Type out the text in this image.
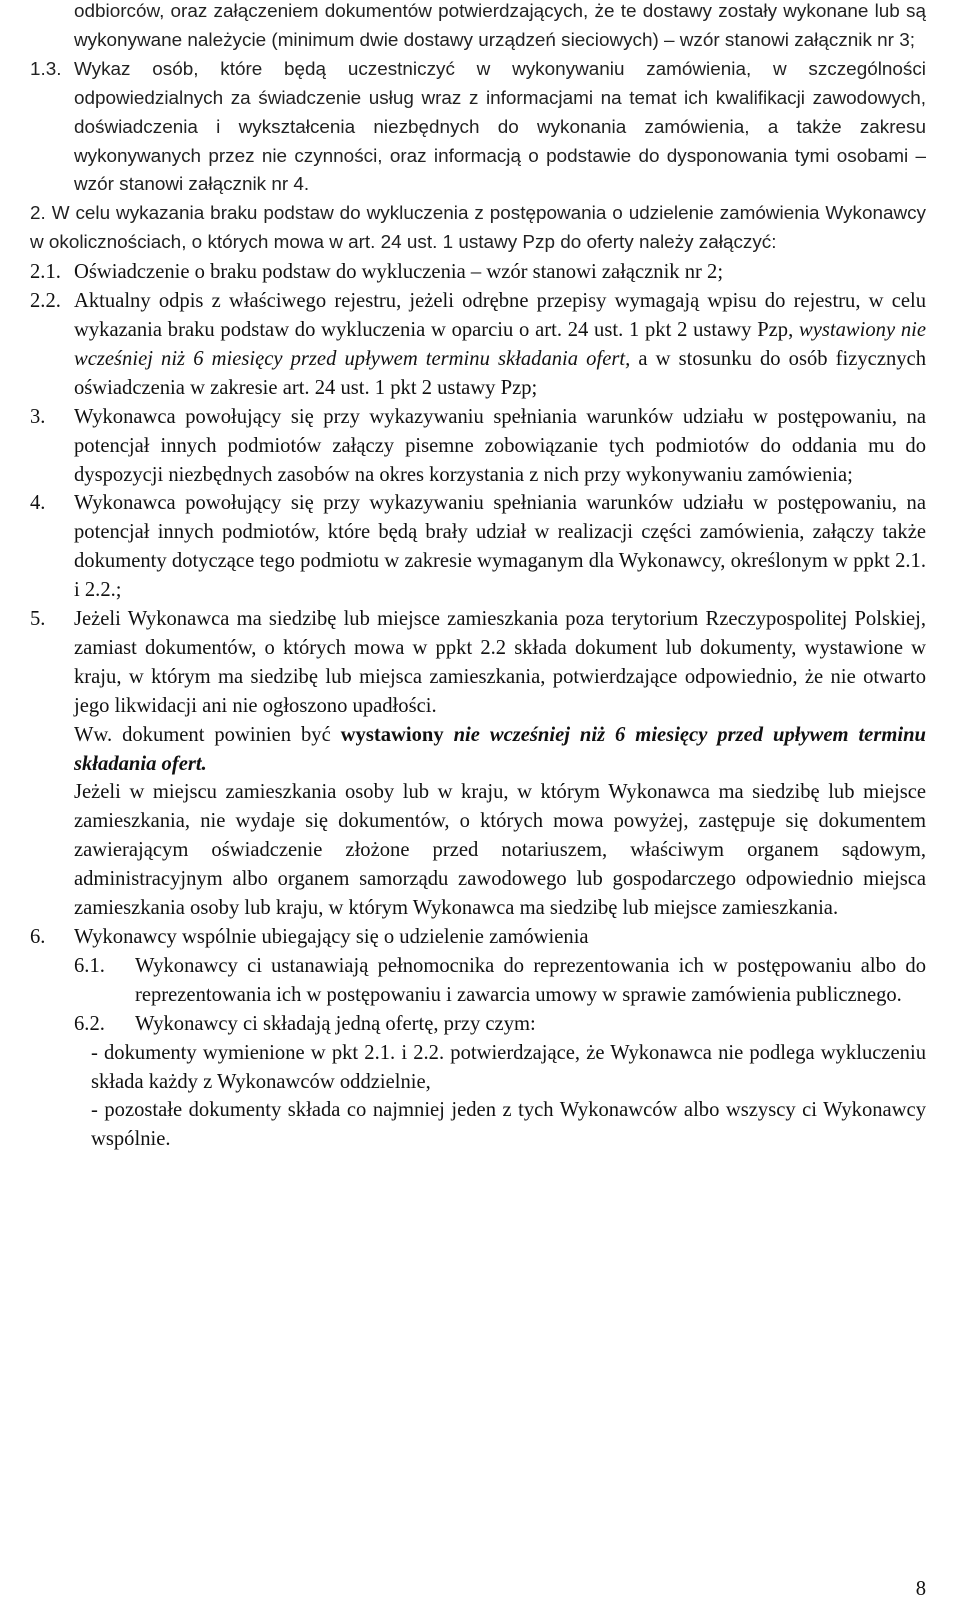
odbiorców, oraz załączeniem dokumentów potwierdzających, że te dostawy zostały wykonane lub są wykonywane należycie (minimum dwie dostawy urządzeń sieciowych) – wzór stanowi załącznik nr 3;
1.3. Wykaz osób, które będą uczestniczyć w wykonywaniu zamówienia, w szczególności odpowiedzialnych za świadczenie usług wraz z informacjami na temat ich kwalifikacji zawodowych, doświadczenia i wykształcenia niezbędnych do wykonania zamówienia, a także zakresu wykonywanych przez nie czynności, oraz informacją o podstawie do dysponowania tymi osobami – wzór stanowi załącznik nr 4.
2. W celu wykazania braku podstaw do wykluczenia z postępowania o udzielenie zamówienia Wykonawcy w okolicznościach, o których mowa w art. 24 ust. 1 ustawy Pzp do oferty należy załączyć:
2.1. Oświadczenie o braku podstaw do wykluczenia – wzór stanowi załącznik nr 2;
2.2. Aktualny odpis z właściwego rejestru, jeżeli odrębne przepisy wymagają wpisu do rejestru, w celu wykazania braku podstaw do wykluczenia w oparciu o art. 24 ust. 1 pkt 2 ustawy Pzp, wystawiony nie wcześniej niż 6 miesięcy przed upływem terminu składania ofert, a w stosunku do osób fizycznych oświadczenia w zakresie art. 24 ust. 1 pkt 2 ustawy Pzp;
3. Wykonawca powołujący się przy wykazywaniu spełniania warunków udziału w postępowaniu, na potencjał innych podmiotów załączy pisemne zobowiązanie tych podmiotów do oddania mu do dyspozycji niezbędnych zasobów na okres korzystania z nich przy wykonywaniu zamówienia;
4. Wykonawca powołujący się przy wykazywaniu spełniania warunków udziału w postępowaniu, na potencjał innych podmiotów, które będą brały udział w realizacji części zamówienia, załączy także dokumenty dotyczące tego podmiotu w zakresie wymaganym dla Wykonawcy, określonym w ppkt 2.1. i 2.2.;
5. Jeżeli Wykonawca ma siedzibę lub miejsce zamieszkania poza terytorium Rzeczypospolitej Polskiej, zamiast dokumentów, o których mowa w ppkt 2.2 składa dokument lub dokumenty, wystawione w kraju, w którym ma siedzibę lub miejsca zamieszkania, potwierdzające odpowiednio, że nie otwarto jego likwidacji ani nie ogłoszono upadłości.
Ww. dokument powinien być wystawiony nie wcześniej niż 6 miesięcy przed upływem terminu składania ofert.
Jeżeli w miejscu zamieszkania osoby lub w kraju, w którym Wykonawca ma siedzibę lub miejsce zamieszkania, nie wydaje się dokumentów, o których mowa powyżej, zastępuje się dokumentem zawierającym oświadczenie złożone przed notariuszem, właściwym organem sądowym, administracyjnym albo organem samorządu zawodowego lub gospodarczego odpowiednio miejsca zamieszkania osoby lub kraju, w którym Wykonawca ma siedzibę lub miejsce zamieszkania.
6. Wykonawcy wspólnie ubiegający się o udzielenie zamówienia
6.1. Wykonawcy ci ustanawiają pełnomocnika do reprezentowania ich w postępowaniu albo do reprezentowania ich w postępowaniu i zawarcia umowy w sprawie zamówienia publicznego.
6.2. Wykonawcy ci składają jedną ofertę, przy czym:
- dokumenty wymienione w pkt 2.1. i 2.2. potwierdzające, że Wykonawca nie podlega wykluczeniu składa każdy z Wykonawców oddzielnie,
- pozostałe dokumenty składa co najmniej jeden z tych Wykonawców albo wszyscy ci Wykonawcy wspólnie.
8
